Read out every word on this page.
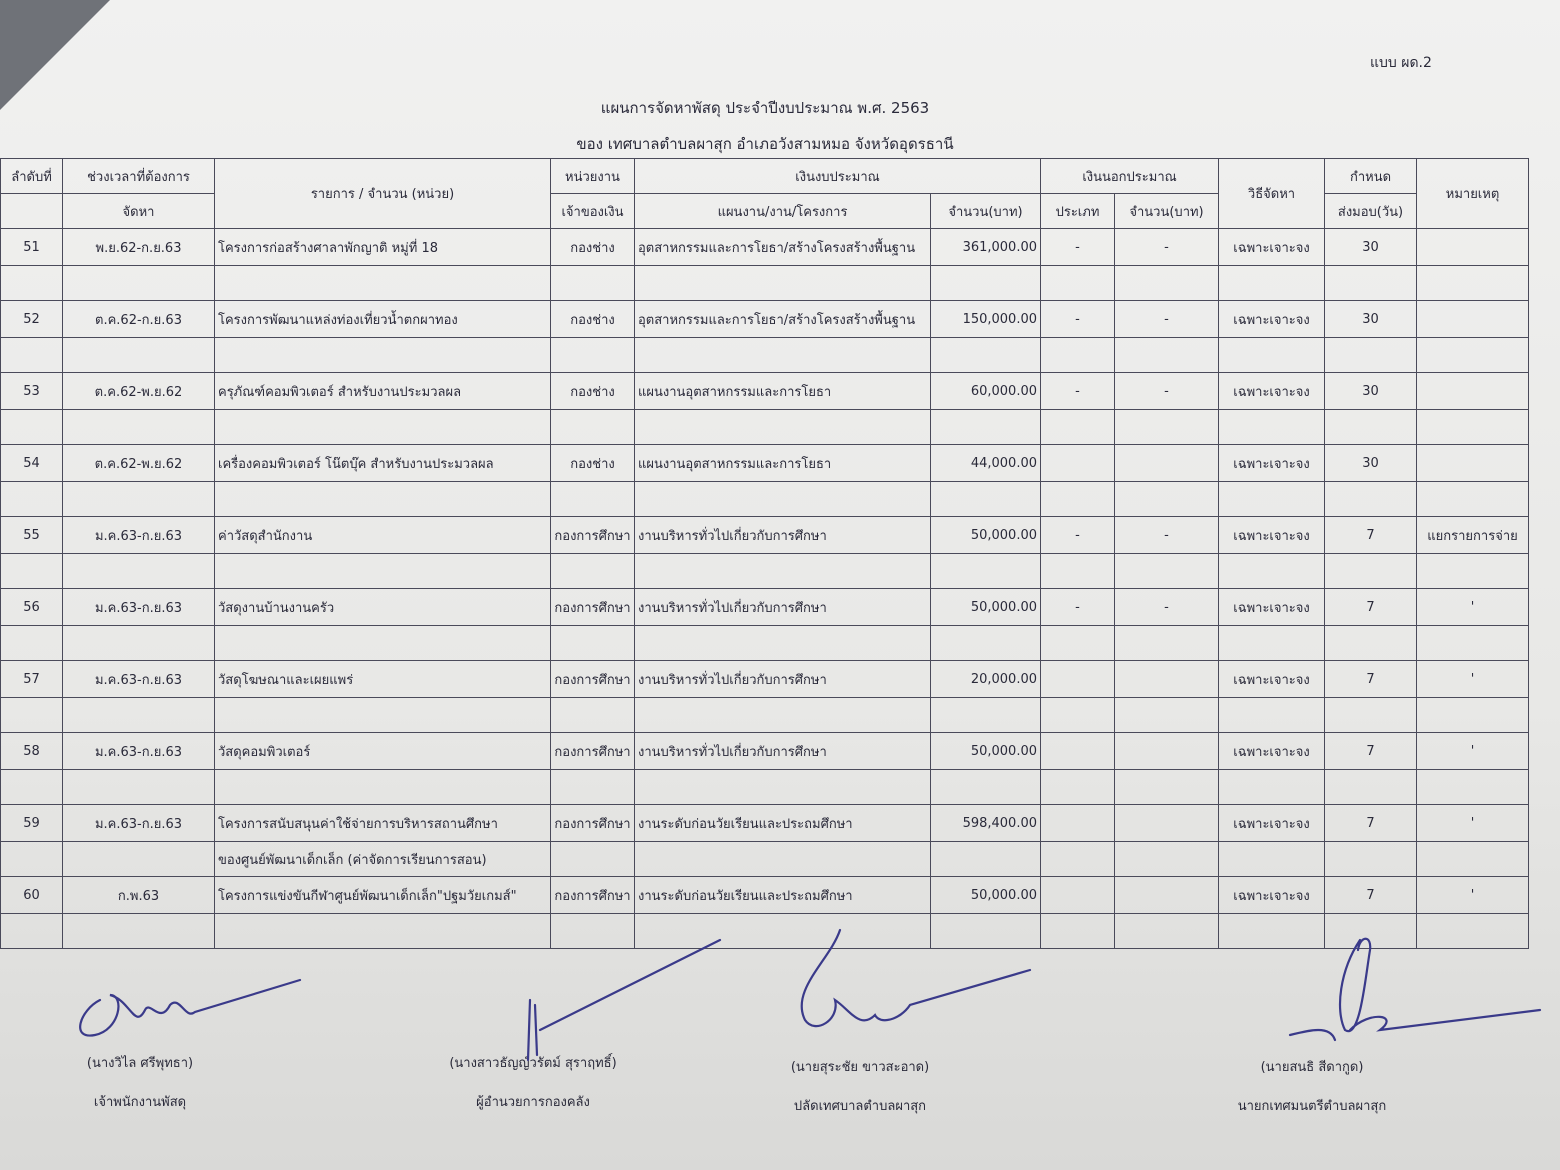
แบบ ผด.2
แผนการจัดหาพัสดุ ประจำปีงบประมาณ พ.ศ. 2563
ของ เทศบาลตำบลผาสุก อำเภอวังสามหมอ จังหวัดอุดรธานี
ลำดับที่	ช่วงเวลาที่ต้องการ	รายการ / จำนวน (หน่วย)	หน่วยงาน	เงินงบประมาณ		เงินนอกประมาณ		วิธีจัดหา	กำหนด	หมายเหตุ
	จัดหา		เจ้าของเงิน	แผนงาน/งาน/โครงการ	จำนวน(บาท)	ประเภท	จำนวน(บาท)		ส่งมอบ(วัน)	
51	พ.ย.62-ก.ย.63	โครงการก่อสร้างศาลาพักญาติ หมู่ที่ 18	กองช่าง	อุตสาหกรรมและการโยธา/สร้างโครงสร้างพื้นฐาน	361,000.00	-	-	เฉพาะเจาะจง	30	

52	ต.ค.62-ก.ย.63	โครงการพัฒนาแหล่งท่องเที่ยวน้ำตกผาทอง	กองช่าง	อุตสาหกรรมและการโยธา/สร้างโครงสร้างพื้นฐาน	150,000.00	-	-	เฉพาะเจาะจง	30	

53	ต.ค.62-พ.ย.62	ครุภัณฑ์คอมพิวเตอร์ สำหรับงานประมวลผล	กองช่าง	แผนงานอุตสาหกรรมและการโยธา	60,000.00	-	-	เฉพาะเจาะจง	30	

54	ต.ค.62-พ.ย.62	เครื่องคอมพิวเตอร์ โน๊ตบุ๊ค สำหรับงานประมวลผล	กองช่าง	แผนงานอุตสาหกรรมและการโยธา	44,000.00			เฉพาะเจาะจง	30	

55	ม.ค.63-ก.ย.63	ค่าวัสดุสำนักงาน	กองการศึกษา	งานบริหารทั่วไปเกี่ยวกับการศึกษา	50,000.00	-	-	เฉพาะเจาะจง	7	แยกรายการจ่าย

56	ม.ค.63-ก.ย.63	วัสดุงานบ้านงานครัว	กองการศึกษา	งานบริหารทั่วไปเกี่ยวกับการศึกษา	50,000.00	-	-	เฉพาะเจาะจง	7	'

57	ม.ค.63-ก.ย.63	วัสดุโฆษณาและเผยแพร่	กองการศึกษา	งานบริหารทั่วไปเกี่ยวกับการศึกษา	20,000.00			เฉพาะเจาะจง	7	'

58	ม.ค.63-ก.ย.63	วัสดุคอมพิวเตอร์	กองการศึกษา	งานบริหารทั่วไปเกี่ยวกับการศึกษา	50,000.00			เฉพาะเจาะจง	7	'

59	ม.ค.63-ก.ย.63	โครงการสนับสนุนค่าใช้จ่ายการบริหารสถานศึกษา	กองการศึกษา	งานระดับก่อนวัยเรียนและประถมศึกษา	598,400.00			เฉพาะเจาะจง	7	'
		ของศูนย์พัฒนาเด็กเล็ก (ค่าจัดการเรียนการสอน)								
60	ก.พ.63	โครงการแข่งขันกีฬาศูนย์พัฒนาเด็กเล็ก"ปฐมวัยเกมส์"	กองการศึกษา	งานระดับก่อนวัยเรียนและประถมศึกษา	50,000.00			เฉพาะเจาะจง	7	'

(นางวิไล ศรีพุทธา)
เจ้าพนักงานพัสดุ
(นางสาวธัญญ์วรัตม์ สุราฤทธิ์)
ผู้อำนวยการกองคลัง
(นายสุระชัย ขาวสะอาด)
ปลัดเทศบาลตำบลผาสุก
(นายสนธิ สีดากูด)
นายกเทศมนตรีตำบลผาสุก
